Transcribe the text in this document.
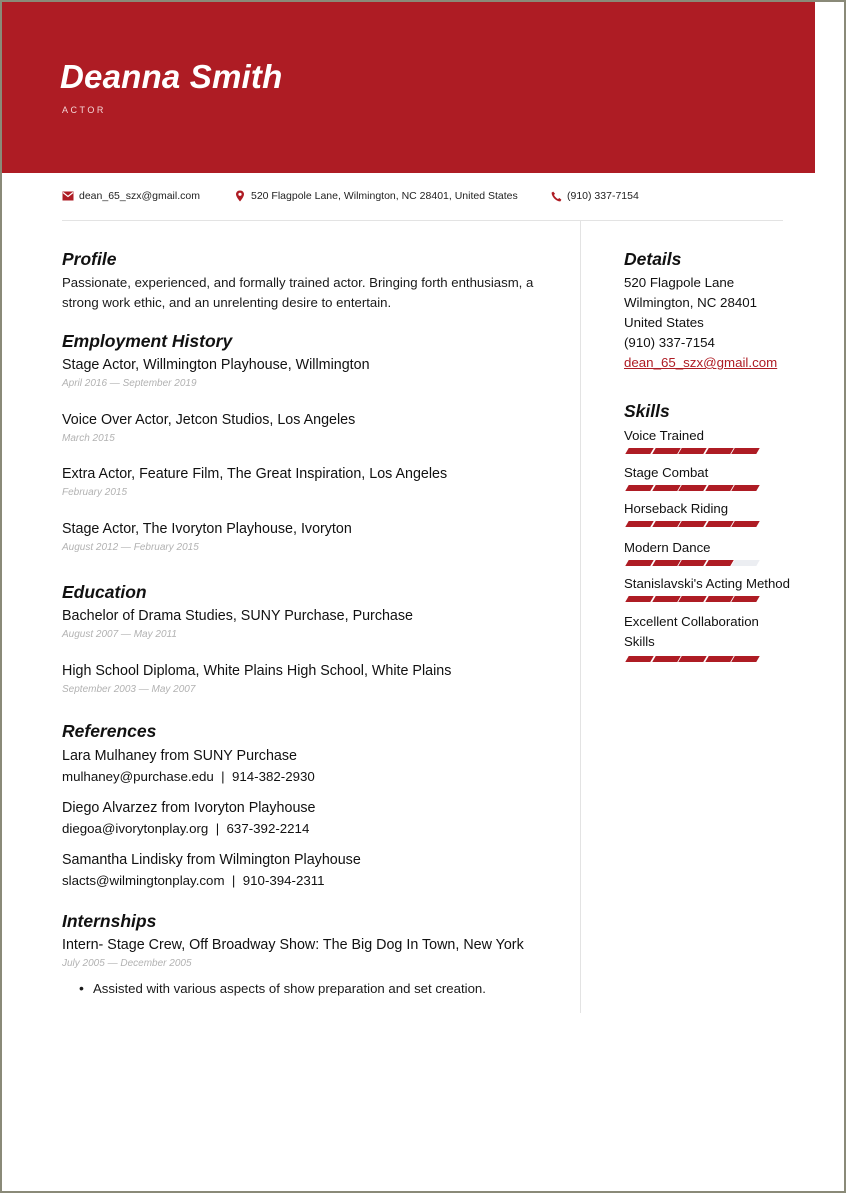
Deanna Smith
ACTOR
dean_65_szx@gmail.com	520 Flagpole Lane, Wilmington, NC 28401, United States	(910) 337-7154
Profile
Passionate, experienced, and formally trained actor. Bringing forth enthusiasm, a strong work ethic, and an unrelenting desire to entertain.
Employment History
Stage Actor, Willmington Playhouse, Willmington
April 2016 — September 2019
Voice Over Actor, Jetcon Studios, Los Angeles
March 2015
Extra Actor, Feature Film, The Great Inspiration, Los Angeles
February 2015
Stage Actor, The Ivoryton Playhouse, Ivoryton
August 2012 — February 2015
Education
Bachelor of Drama Studies, SUNY Purchase, Purchase
August 2007 — May 2011
High School Diploma, White Plains High School, White Plains
September 2003 — May 2007
References
Lara Mulhaney from SUNY Purchase
mulhaney@purchase.edu  |  914-382-2930
Diego Alvarzez from Ivoryton Playhouse
diegoa@ivorytonplay.org  |  637-392-2214
Samantha Lindisky from Wilmington Playhouse
slacts@wilmingtonplay.com  |  910-394-2311
Internships
Intern- Stage Crew, Off Broadway Show: The Big Dog In Town, New York
July 2005 — December 2005
• Assisted with various aspects of show preparation and set creation.
Details
520 Flagpole Lane
Wilmington, NC 28401
United States
(910) 337-7154
dean_65_szx@gmail.com
Skills
Voice Trained
Stage Combat
Horseback Riding
Modern Dance
Stanislavski's Acting Method
Excellent Collaboration Skills
